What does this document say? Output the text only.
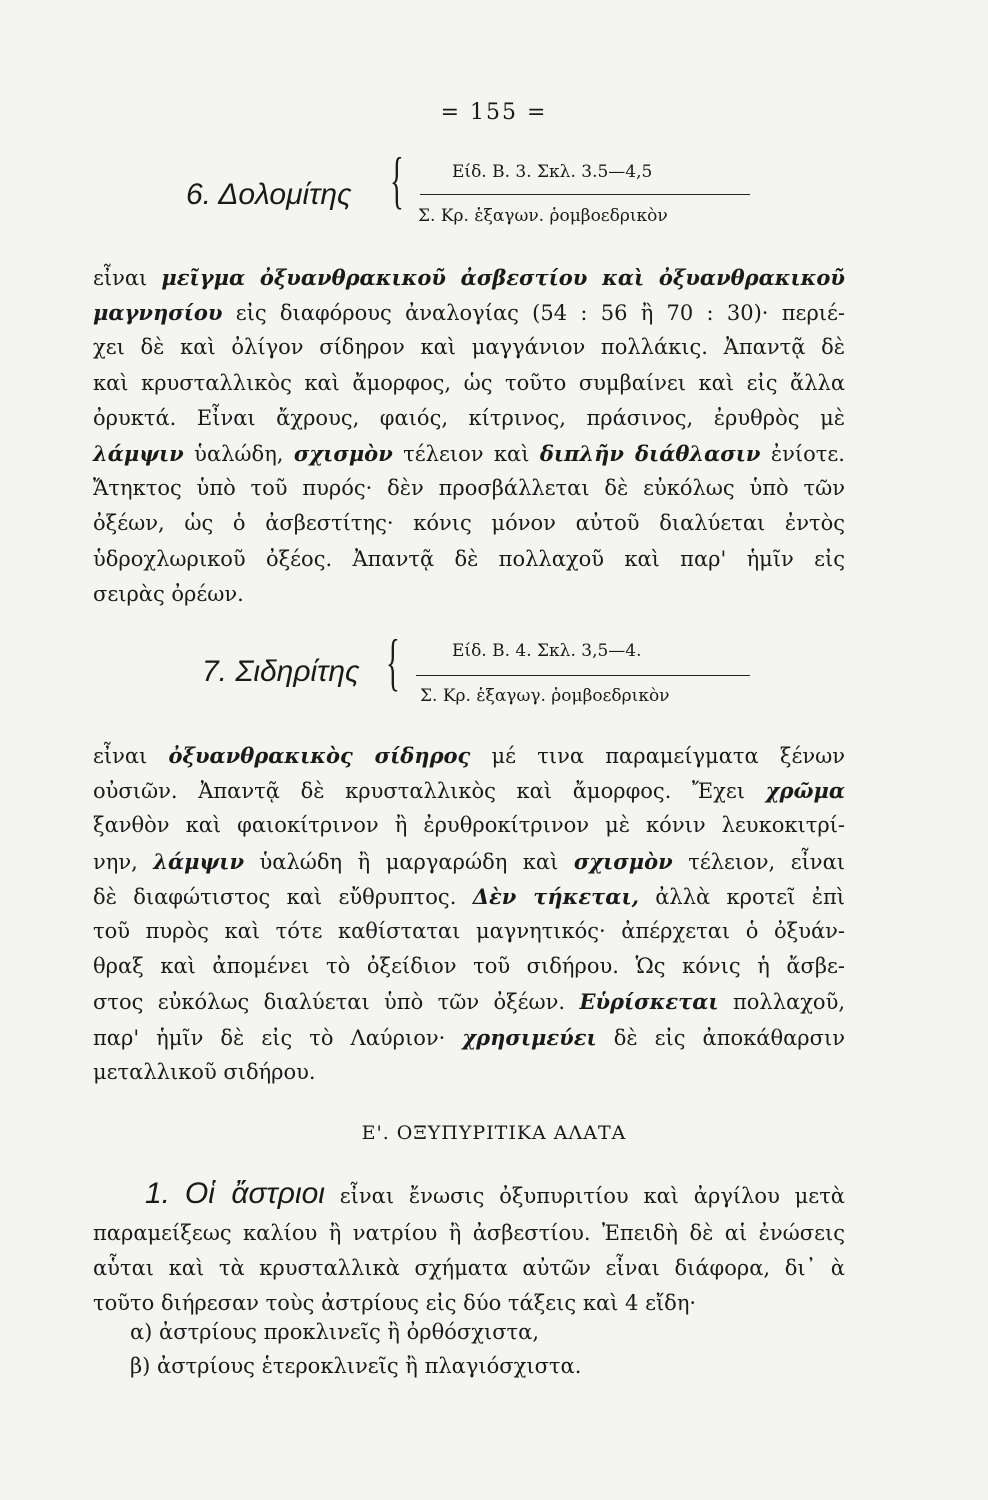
= 155 =
6. Δολομίτης {	Είδ. Β. 3. Σκλ. 3.5—4,5
Σ. Κρ. ἑξαγων. ῥομβοεδρικὸν
εἶναι μεῖγμα ὀξυανθρακικοῦ ἀσβεστίου καὶ ὀξυανθρακικοῦ
μαγνησίου εἰς διαφόρους ἀναλογίας (54 : 56 ἢ 70 : 30)· περιέ-
χει δὲ καὶ ὀλίγον σίδηρον καὶ μαγγάνιον πολλάκις. Ἀπαντᾷ δὲ
καὶ κρυσταλλικὸς καὶ ἄμορφος, ὡς τοῦτο συμβαίνει καὶ εἰς ἄλλα
ὀρυκτά. Εἶναι ἄχρους, φαιός, κίτρινος, πράσινος, ἐρυθρὸς μὲ
λάμψιν ὑαλώδη, σχισμὸν τέλειον καὶ διπλῆν διάθλασιν ἐνίοτε.
Ἄτηκτος ὑπὸ τοῦ πυρός· δὲν προσβάλλεται δὲ εὐκόλως ὑπὸ τῶν
ὀξέων, ὡς ὁ ἀσβεστίτης· κόνις μόνον αὐτοῦ διαλύεται ἐντὸς
ὑδροχλωρικοῦ ὀξέος. Ἀπαντᾷ δὲ πολλαχοῦ καὶ παρ' ἡμῖν εἰς
σειρὰς ὀρέων.
7. Σιδηρίτης {	Είδ. Β. 4. Σκλ. 3,5—4.
Σ. Κρ. ἑξαγωγ. ῥομβοεδρικὸν
εἶναι ὀξυανθρακικὸς σίδηρος μέ τινα παραμείγματα ξένων
οὐσιῶν. Ἀπαντᾷ δὲ κρυσταλλικὸς καὶ ἄμορφος. Ἔχει χρῶμα
ξανθὸν καὶ φαιοκίτρινον ἢ ἐρυθροκίτρινον μὲ κόνιν λευκοκιτρί-
νην, λάμψιν ὑαλώδη ἢ μαργαρώδη καὶ σχισμὸν τέλειον, εἶναι
δὲ διαφώτιστος καὶ εὔθρυπτος. Δὲν τήκεται, ἀλλὰ κροτεῖ ἐπὶ
τοῦ πυρὸς καὶ τότε καθίσταται μαγνητικός· ἀπέρχεται ὁ ὀξυάν-
θραξ καὶ ἀπομένει τὸ ὀξείδιον τοῦ σιδήρου. Ὡς κόνις ἡ ἄσβε-
στος εὐκόλως διαλύεται ὑπὸ τῶν ὀξέων. Εὑρίσκεται πολλαχοῦ,
παρ' ἡμῖν δὲ εἰς τὸ Λαύριον· χρησιμεύει δὲ εἰς ἀποκάθαρσιν
μεταλλικοῦ σιδήρου.
Ε'. ΟΞΥΠΥΡΙΤΙΚΑ ΑΛΑΤΑ
1. Οἱ ἄστριοι εἶναι ἔνωσις ὀξυπυριτίου καὶ ἀργίλου μετὰ
παραμείξεως καλίου ἢ νατρίου ἢ ἀσβεστίου. Ἐπειδὴ δὲ αἱ ἐνώσεις
αὗται καὶ τὰ κρυσταλλικὰ σχήματα αὐτῶν εἶναι διάφορα, δι᾽ ὰ
τοῦτο διήρεσαν τοὺς ἀστρίους εἰς δύο τάξεις καὶ 4 εἴδη·
α) ἀστρίους προκλινεῖς ἢ ὀρθόσχιστα,
β) ἀστρίους ἑτεροκλινεῖς ἢ πλαγιόσχιστα.
